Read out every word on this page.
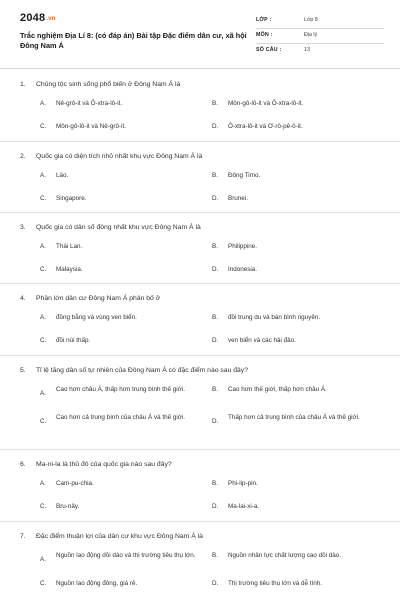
2048.vn
Trắc nghiệm Địa Lí 8: (có đáp án) Bài tập Đặc điểm dân cư, xã hội Đông Nam Á
LỚP :	Lớp 8
MÔN :	Địa lý
SỐ CÂU :	13
1. Chủng tộc sinh sống phổ biến ở Đông Nam Á là
A. Nê-grô-it và Ô-xtra-lô-it.	B. Môn-gô-lô-it và Ô-xtra-lô-it.
C. Môn-gô-lô-it và Nê-grô-it.	D. Ô-xtra-lô-it và Ơ-rô-pê-ô-it.
2. Quốc gia có diện tích nhỏ nhất khu vực Đông Nam Á là
A. Lào.	B. Đông Timo.
C. Singapore.	D. Brunei.
3. Quốc gia có dân số đông nhất khu vực Đông Nam Á là
A. Thái Lan.	B. Philippine.
C. Malaysia.	D. Indonesia.
4. Phần lớn dân cư Đông Nam Á phân bố ở
A. đồng bằng và vùng ven biển.	B. đồi trung du và bán bình nguyên.
C. đồi núi thấp.	D. ven biển và các hải đảo.
5. Tỉ lệ tăng dân số tự nhiên của Đông Nam Á có đặc điểm nào sau đây?
A.
Cao hơn châu Á, thấp hơn trung bình thế giới.	B. Cao hơn thế giới, thấp hơn châu Á.
C.
Cao hơn cả trung bình của châu Á và thế giới.
D.
Thấp hơn cả trung bình của châu Á và thế giới.
6. Ma-ni-la là thủ đô của quốc gia nào sau đây?
A. Cam-pu-chia.	B. Phi-lip-pin.
C. Bru-nây.	D. Ma-lai-xi-a.
7. Đặc điểm thuận lợi của dân cư khu vực Đông Nam Á là
A.
Nguồn lao động dồi dào và thị trường tiêu thụ lớn.	B. Nguồn nhân lực chất lượng cao dồi dào.
C. Nguồn lao động đông, giá rẻ.	D. Thị trường tiêu thụ lớn và dễ tính.
